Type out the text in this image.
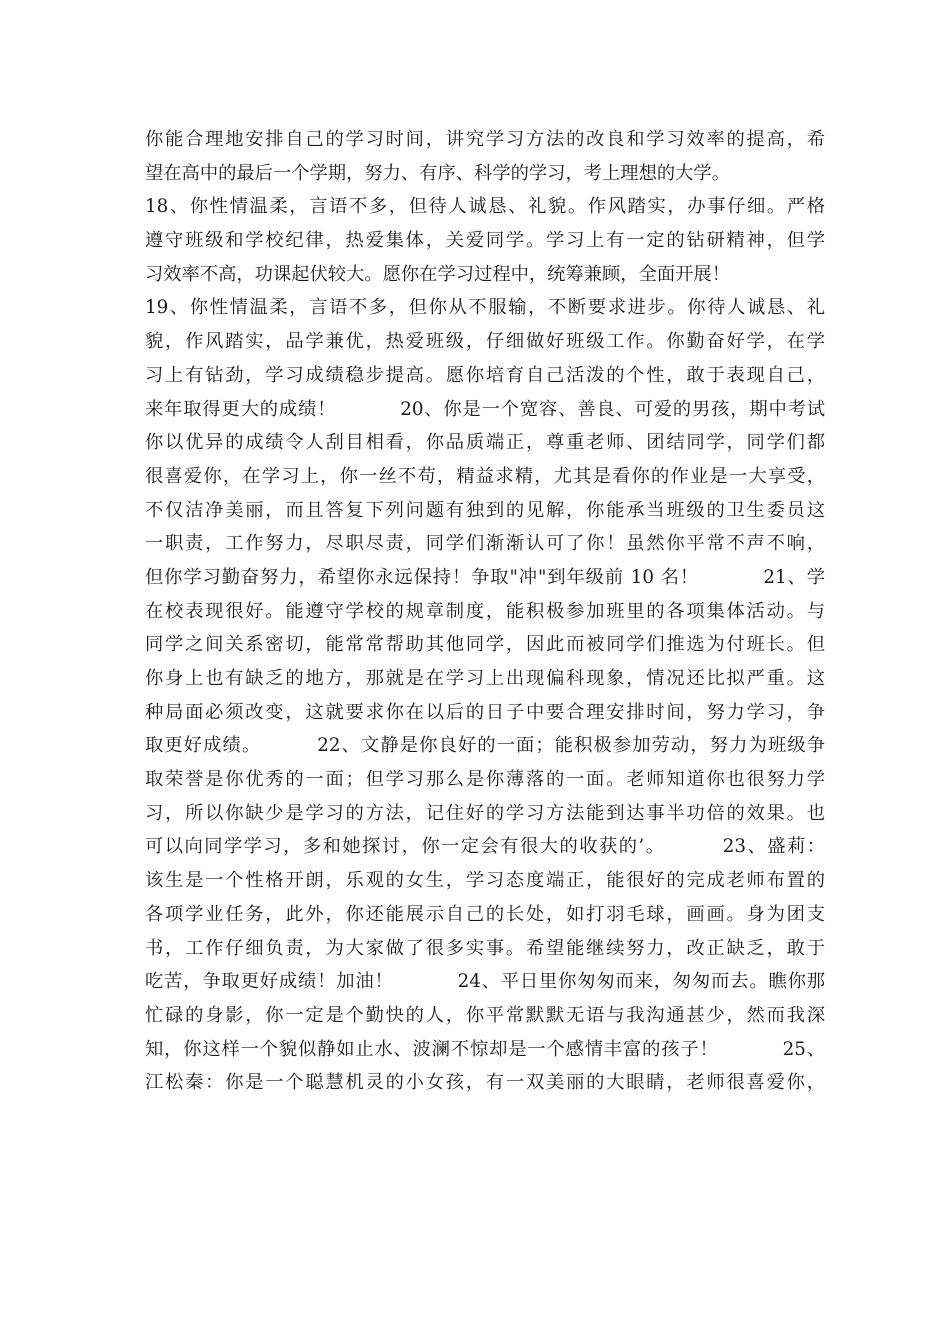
你能合理地安排自己的学习时间，讲究学习方法的改良和学习效率的提高，希
望在高中的最后一个学期，努力、有序、科学的学习，考上理想的大学。
18、你性情温柔，言语不多，但待人诚恳、礼貌。作风踏实，办事仔细。严格
遵守班级和学校纪律，热爱集体，关爱同学。学习上有一定的钻研精神，但学
习效率不高，功课起伏较大。愿你在学习过程中，统筹兼顾，全面开展！
19、你性情温柔，言语不多，但你从不服输，不断要求进步。你待人诚恳、礼
貌，作风踏实，品学兼优，热爱班级，仔细做好班级工作。你勤奋好学，在学
习上有钻劲，学习成绩稳步提高。愿你培育自己活泼的个性，敢于表现自己，
来年取得更大的成绩！　　　 20、你是一个宽容、善良、可爱的男孩，期中考试
你以优异的成绩令人刮目相看，你品质端正，尊重老师、团结同学，同学们都
很喜爱你，在学习上，你一丝不苟，精益求精，尤其是看你的作业是一大享受，
不仅洁净美丽，而且答复下列问题有独到的见解，你能承当班级的卫生委员这
一职责，工作努力，尽职尽责，同学们渐渐认可了你！虽然你平常不声不响，
但你学习勤奋努力，希望你永远保持！争取"冲"到年级前 10 名！　　　 21、学
在校表现很好。能遵守学校的规章制度，能积极参加班里的各项集体活动。与
同学之间关系密切，能常常帮助其他同学，因此而被同学们推选为付班长。但
你身上也有缺乏的地方，那就是在学习上出现偏科现象，情况还比拟严重。这
种局面必须改变，这就要求你在以后的日子中要合理安排时间，努力学习，争
取更好成绩。　　　 22、文静是你良好的一面；能积极参加劳动，努力为班级争
取荣誉是你优秀的一面；但学习那么是你薄落的一面。老师知道你也很努力学
习，所以你缺少是学习的方法，记住好的学习方法能到达事半功倍的效果。也
可以向同学学习，多和她探讨，你一定会有很大的收获的’。　　　 23、盛莉：
该生是一个性格开朗，乐观的女生，学习态度端正，能很好的完成老师布置的
各项学业任务，此外，你还能展示自己的长处，如打羽毛球，画画。身为团支
书，工作仔细负责，为大家做了很多实事。希望能继续努力，改正缺乏，敢于
吃苦，争取更好成绩！加油！　　　 24、平日里你匆匆而来，匆匆而去。瞧你那
忙碌的身影，你一定是个勤快的人，你平常默默无语与我沟通甚少，然而我深
知，你这样一个貌似静如止水、波澜不惊却是一个感情丰富的孩子！　　　 25、
江松秦：你是一个聪慧机灵的小女孩，有一双美丽的大眼睛，老师很喜爱你，
